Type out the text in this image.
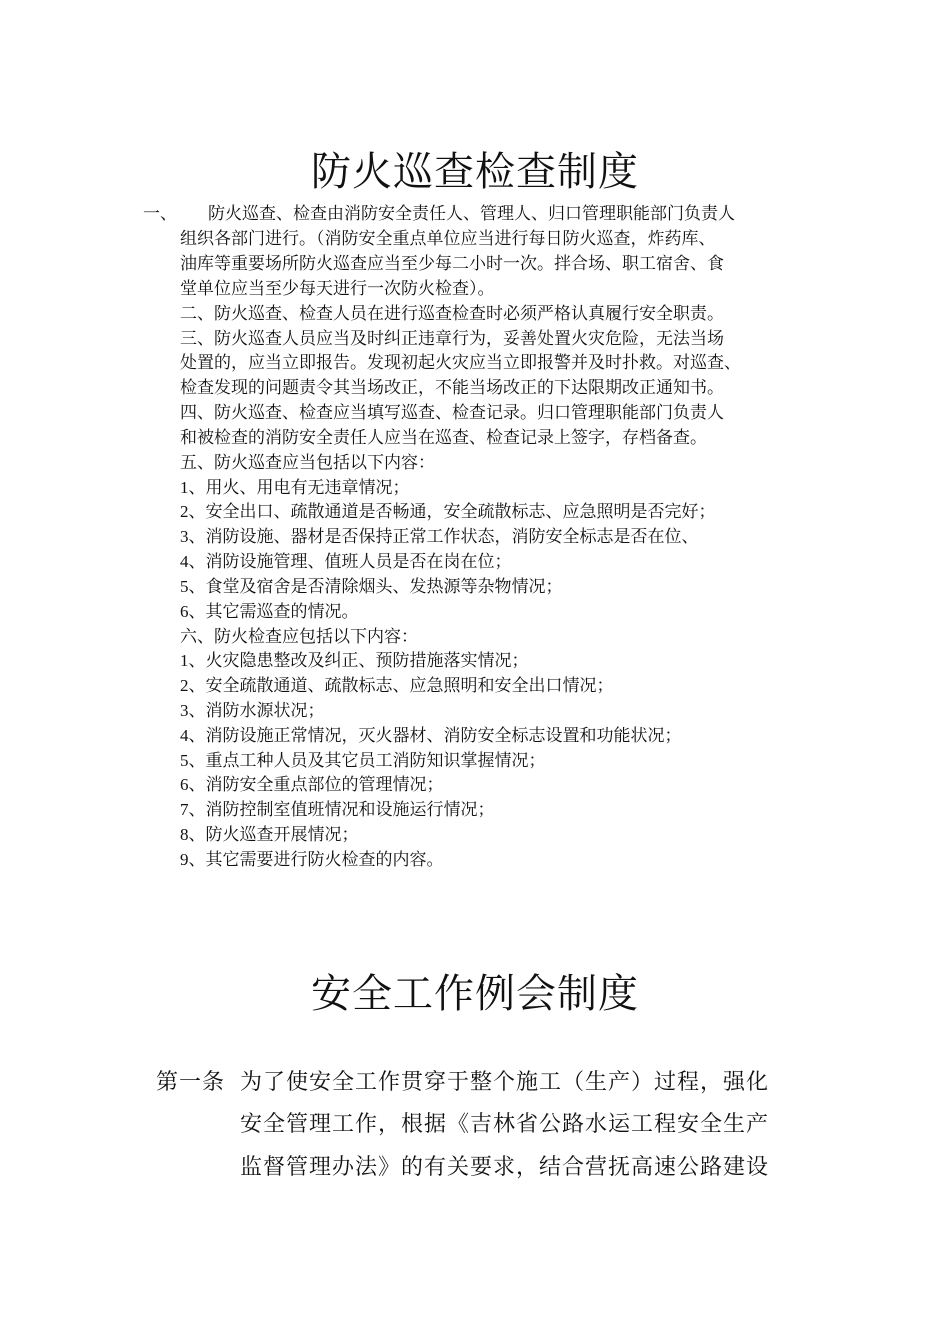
防火巡查检查制度
一、 防火巡查、检查由消防安全责任人、管理人、归口管理职能部门负责人
组织各部门进行。（消防安全重点单位应当进行每日防火巡查，炸药库、
油库等重要场所防火巡查应当至少每二小时一次。拌合场、职工宿舍、食
堂单位应当至少每天进行一次防火检查）。
二、防火巡查、检查人员在进行巡查检查时必须严格认真履行安全职责。
三、防火巡查人员应当及时纠正违章行为，妥善处置火灾危险，无法当场
处置的，应当立即报告。发现初起火灾应当立即报警并及时扑救。对巡查、
检查发现的问题责令其当场改正，不能当场改正的下达限期改正通知书。
四、防火巡查、检查应当填写巡查、检查记录。归口管理职能部门负责人
和被检查的消防安全责任人应当在巡查、检查记录上签字，存档备查。
五、防火巡查应当包括以下内容：
1、用火、用电有无违章情况；
2、安全出口、疏散通道是否畅通，安全疏散标志、应急照明是否完好；
3、消防设施、器材是否保持正常工作状态，消防安全标志是否在位、
4、消防设施管理、值班人员是否在岗在位；
5、食堂及宿舍是否清除烟头、发热源等杂物情况；
6、其它需巡查的情况。
六、防火检查应包括以下内容：
1、火灾隐患整改及纠正、预防措施落实情况；
2、安全疏散通道、疏散标志、应急照明和安全出口情况；
3、消防水源状况；
4、消防设施正常情况，灭火器材、消防安全标志设置和功能状况；
5、重点工种人员及其它员工消防知识掌握情况；
6、消防安全重点部位的管理情况；
7、消防控制室值班情况和设施运行情况；
8、防火巡查开展情况；
9、其它需要进行防火检查的内容。
安全工作例会制度
第一条 为了使安全工作贯穿于整个施工（生产）过程，强化
安全管理工作，根据《吉林省公路水运工程安全生产
监督管理办法》的有关要求，结合营抚高速公路建设
